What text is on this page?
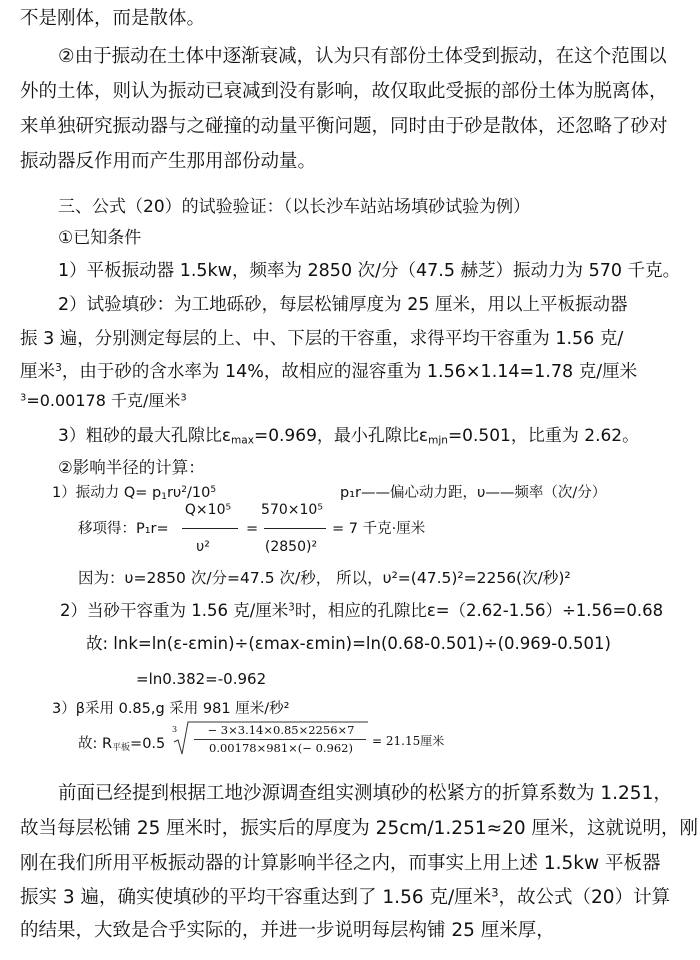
不是刚体，而是散体。
②由于振动在土体中逐渐衰减，认为只有部份土体受到振动，在这个范围以
外的土体，则认为振动已衰减到没有影响，故仅取此受振的部份土体为脱离体，
来单独研究振动器与之碰撞的动量平衡问题，同时由于砂是散体，还忽略了砂对
振动器反作用而产生那用部份动量。
三、公式（20）的试验验证：（以长沙车站站场填砂试验为例）
①已知条件
1）平板振动器 1.5kw，频率为 2850 次/分（47.5 赫芝）振动力为 570 千克。
2）试验填砂：为工地砾砂，每层松铺厚度为 25 厘米，用以上平板振动器
振 3 遍，分别测定每层的上、中、下层的干容重，求得平均干容重为 1.56 克/
厘米$^3$，由于砂的含水率为 14%，故相应的湿容重为 1.56×1.14=1.78 克/厘米
$^3$=0.00178 千克/厘米$^3$
3）粗砂的最大孔隙比$\varepsilon_{max}=0.969$，最小孔隙比$\varepsilon_{mjn}=0.501$，比重为 2.62。
②影响半径的计算：
1）振动力 $Q= p_1r\upsilon^2/10^5$	p₁r——偏心动力距，υ——频率（次/分）
移项得：P₁r=
Q×10⁵
υ²
=
570×10⁵
(2850)²
= 7 千克·厘米
因为：υ=2850 次/分=47.5 次/秒， 所以，υ²=(47.5)²=2256(次/秒)²
2）当砂干容重为 1.56 克/厘米$^3$时，相应的孔隙比ε=（2.62-1.56）÷1.56=0.68
故: lnk=ln(ε-εmin)÷(εmax-εmin)=ln(0.68-0.501)÷(0.969-0.501)
=ln0.382=-0.962
3）β采用 0.85,g 采用 981 厘米/秒²
故: $R_{平板}=0.5$
3	− 3×3.14×0.85×2256×7
0.00178×981×(− 0.962)	= 21.15厘米
前面已经提到根据工地沙源调查组实测填砂的松紧方的折算系数为 1.251，
故当每层松铺 25 厘米时，振实后的厚度为 25cm/1.251≈20 厘米，这就说明，刚
刚在我们所用平板振动器的计算影响半径之内，而事实上用上述 1.5kw 平板器
振实 3 遍，确实使填砂的平均干容重达到了 1.56 克/厘米$^3$，故公式（20）计算
的结果，大致是合乎实际的，并进一步说明每层构铺 25 厘米厚，
